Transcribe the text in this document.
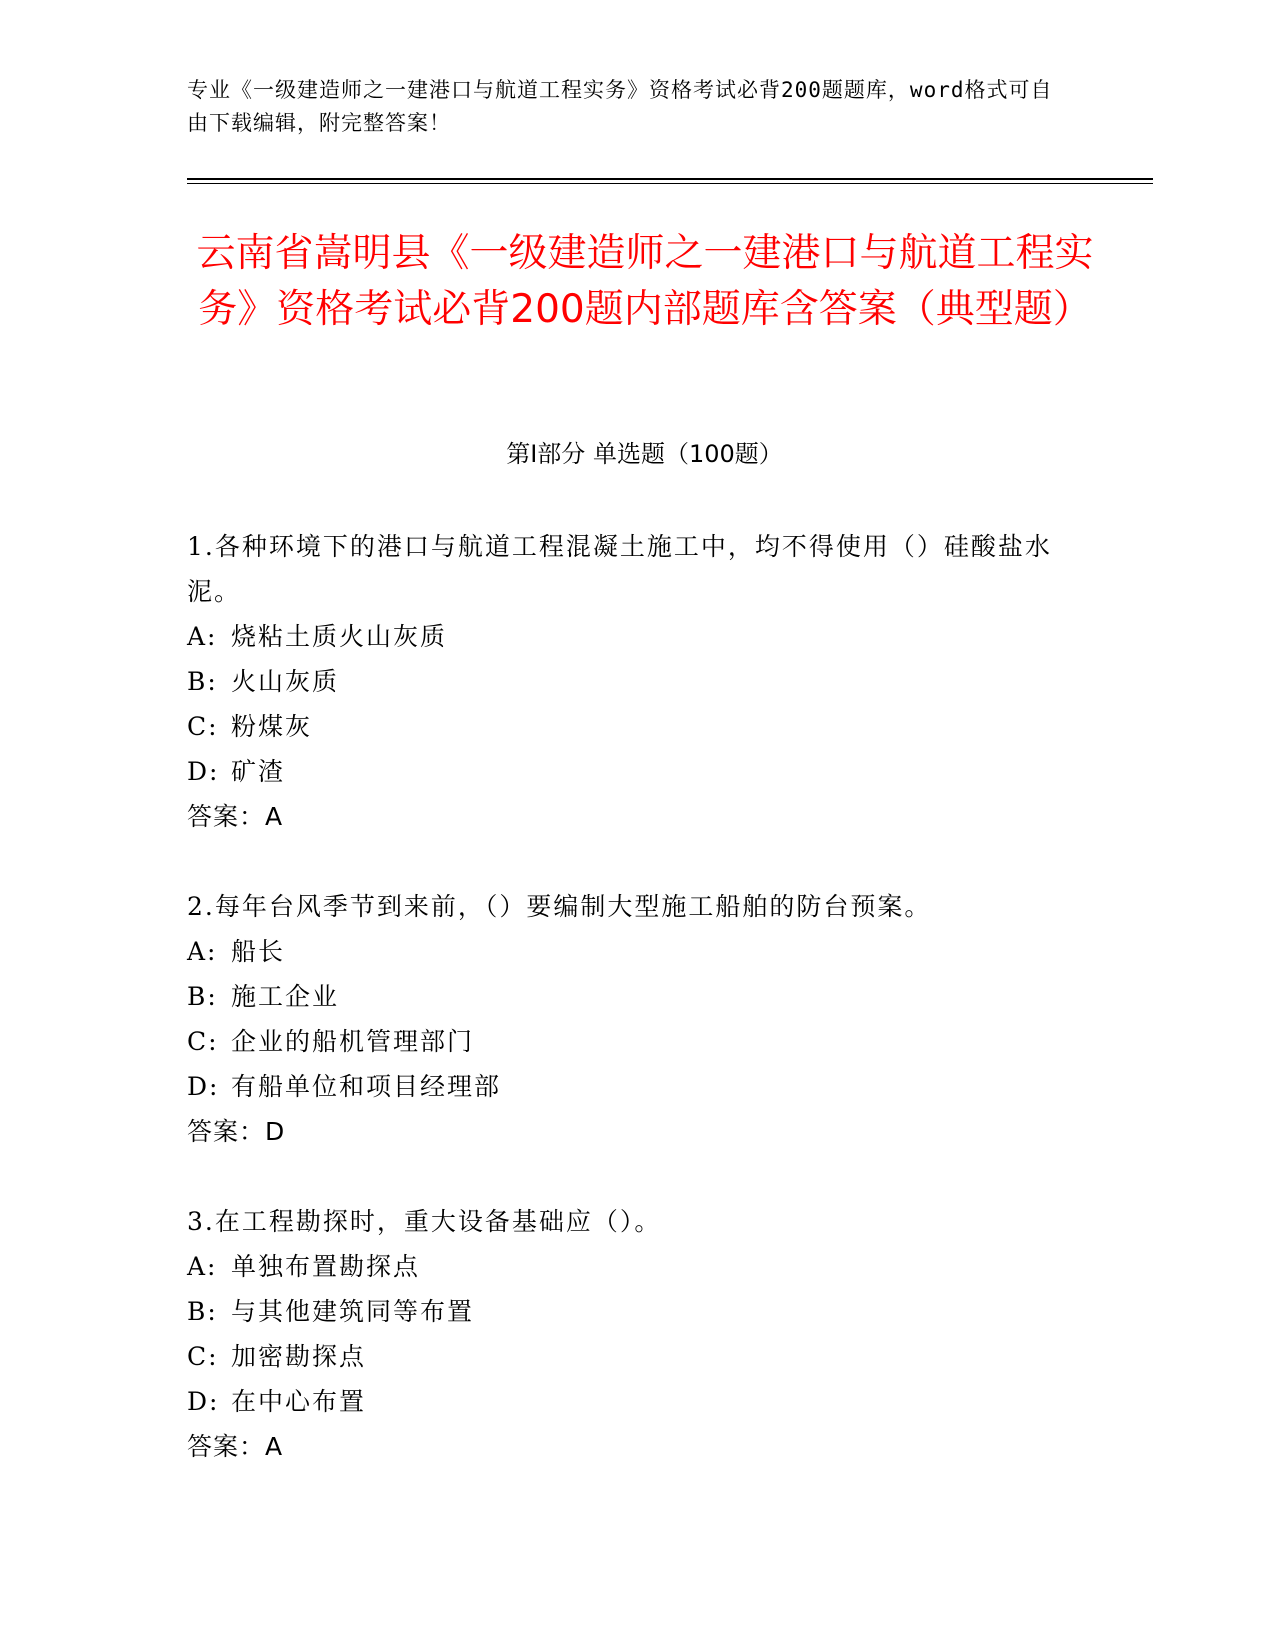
专业《一级建造师之一建港口与航道工程实务》资格考试必背200题题库，word格式可自由下载编辑，附完整答案！
云南省嵩明县《一级建造师之一建港口与航道工程实务》资格考试必背200题内部题库含答案（典型题）
第Ⅰ部分 单选题（100题）

1.各种环境下的港口与航道工程混凝土施工中，均不得使用（）硅酸盐水泥。

A: 烧粘土质火山灰质

B: 火山灰质

C: 粉煤灰

D: 矿渣

答案：A

2.每年台风季节到来前，（）要编制大型施工船舶的防台预案。

A: 船长

B: 施工企业

C: 企业的船机管理部门

D: 有船单位和项目经理部

答案：D

3.在工程勘探时，重大设备基础应（）。

A: 单独布置勘探点

B: 与其他建筑同等布置

C: 加密勘探点

D: 在中心布置

答案：A
